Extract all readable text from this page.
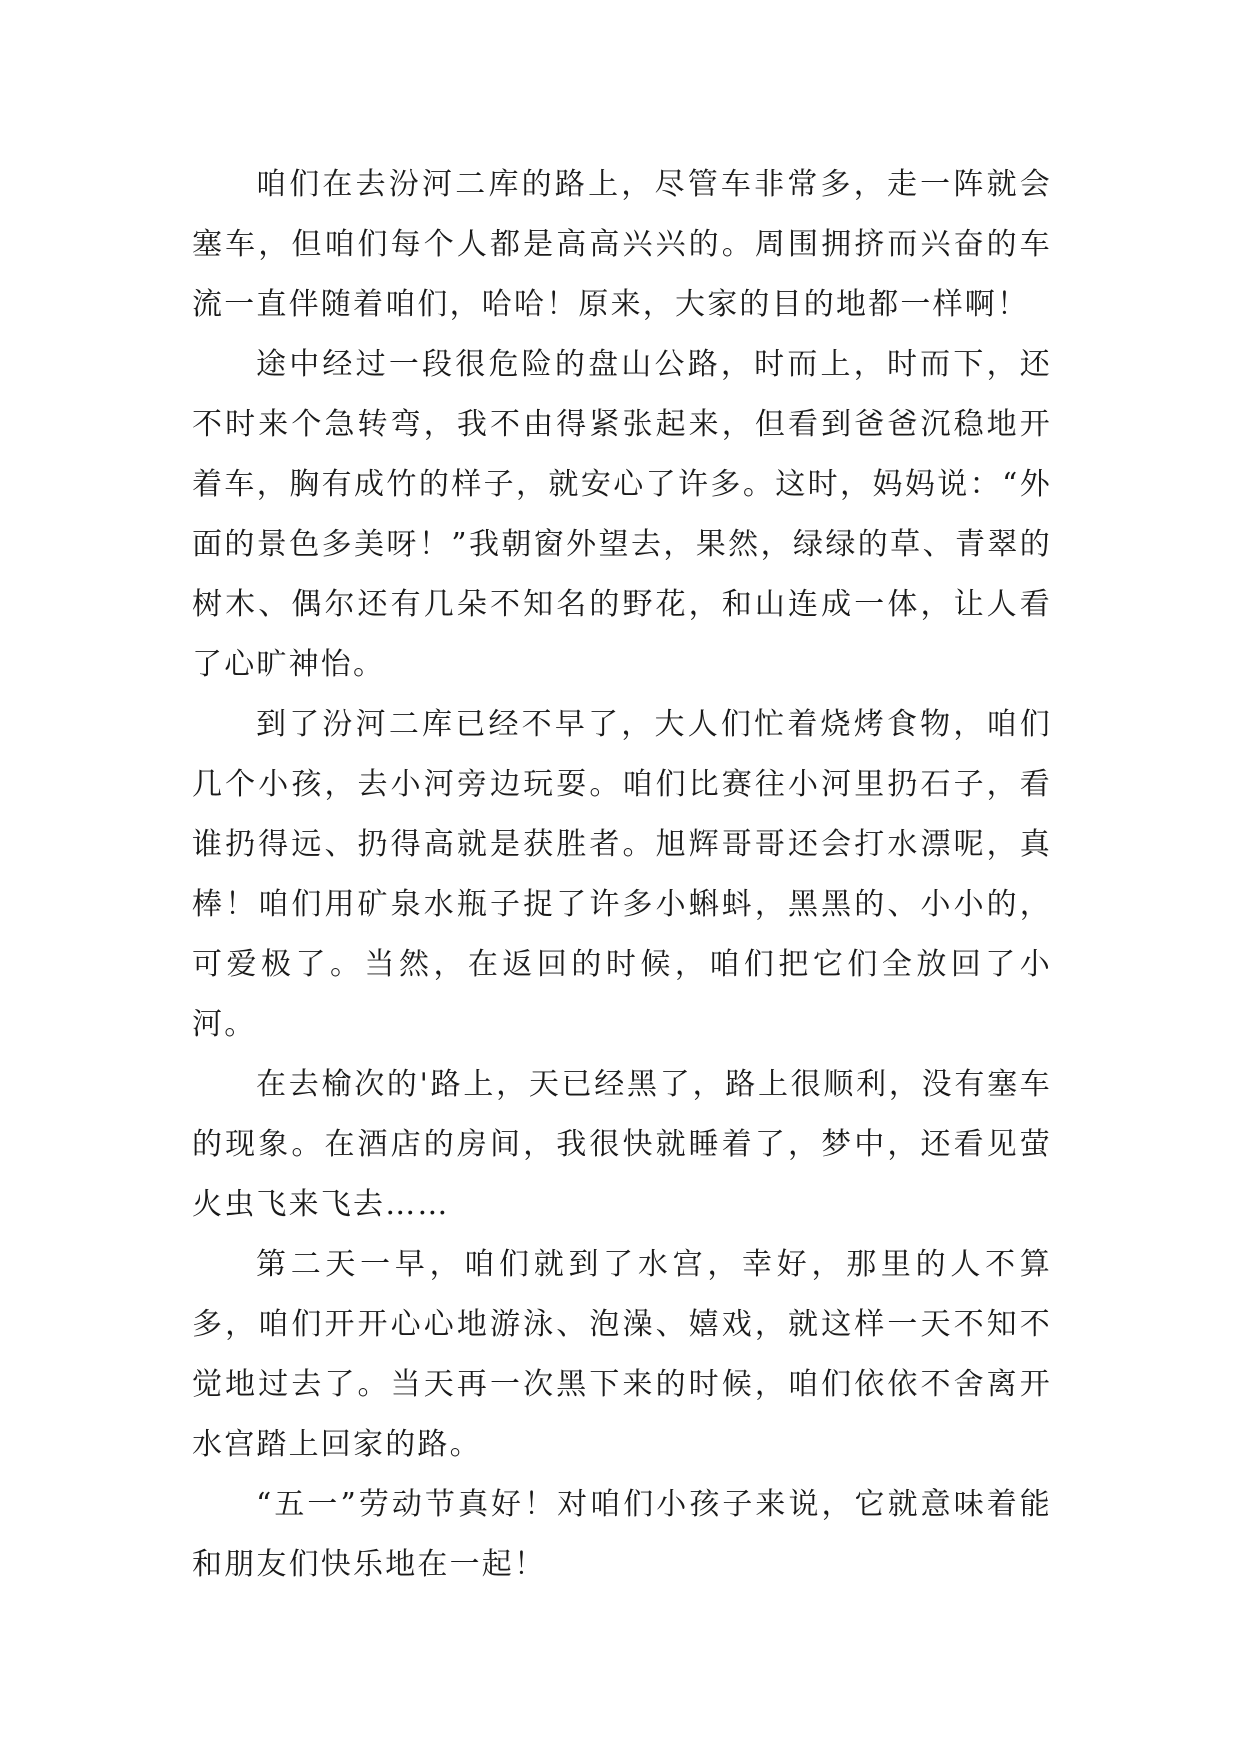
咱们在去汾河二库的路上，尽管车非常多，走一阵就会塞车，但咱们每个人都是高高兴兴的。周围拥挤而兴奋的车流一直伴随着咱们，哈哈！原来，大家的目的地都一样啊！

途中经过一段很危险的盘山公路，时而上，时而下，还不时来个急转弯，我不由得紧张起来，但看到爸爸沉稳地开着车，胸有成竹的样子，就安心了许多。这时，妈妈说：“外面的景色多美呀！”我朝窗外望去，果然，绿绿的草、青翠的树木、偶尔还有几朵不知名的野花，和山连成一体，让人看了心旷神怡。

到了汾河二库已经不早了，大人们忙着烧烤食物，咱们几个小孩，去小河旁边玩耍。咱们比赛往小河里扔石子，看谁扔得远、扔得高就是获胜者。旭辉哥哥还会打水漂呢，真棒！咱们用矿泉水瓶子捉了许多小蝌蚪，黑黑的、小小的，可爱极了。当然，在返回的时候，咱们把它们全放回了小河。

在去榆次的'路上，天已经黑了，路上很顺利，没有塞车的现象。在酒店的房间，我很快就睡着了，梦中，还看见萤火虫飞来飞去……

第二天一早，咱们就到了水宫，幸好，那里的人不算多，咱们开开心心地游泳、泡澡、嬉戏，就这样一天不知不觉地过去了。当天再一次黑下来的时候，咱们依依不舍离开水宫踏上回家的路。

“五一”劳动节真好！对咱们小孩子来说，它就意味着能和朋友们快乐地在一起！
